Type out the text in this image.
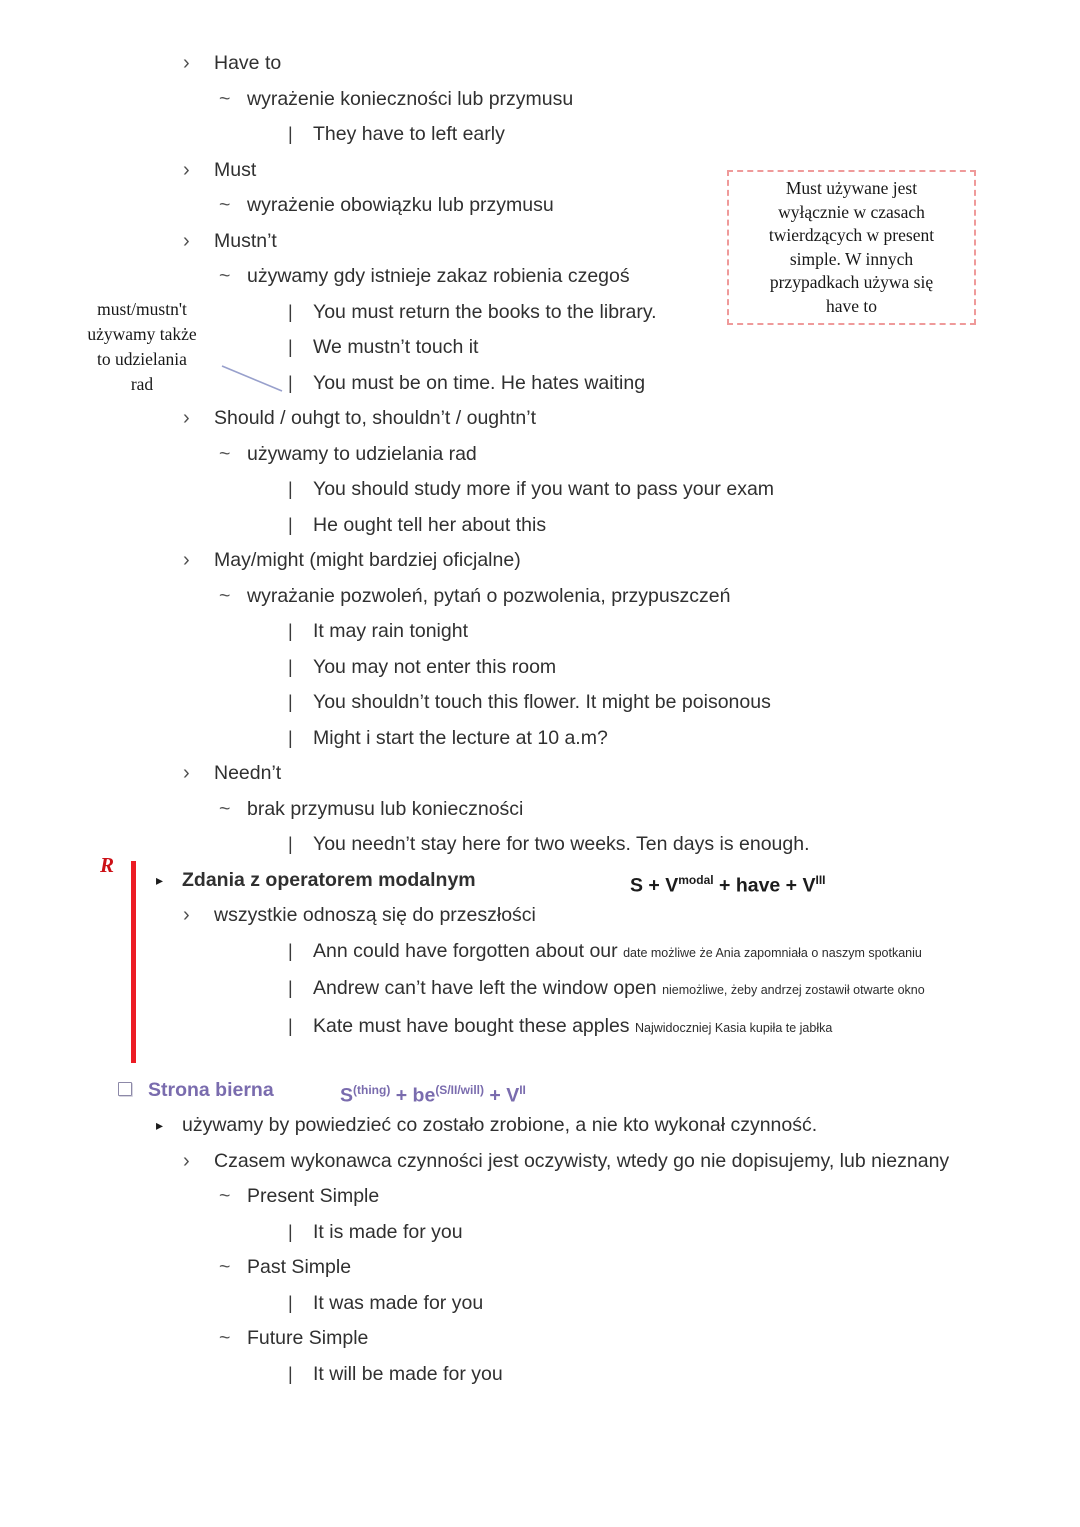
must/mustn't
używamy także
to udzielania
rad
Must używane jest
wyłącznie w czasach
twierdzących w present
simple. W innych
przypadkach używa się
have to
R
› Have to
~ wyrażenie konieczności lub przymusu
| They have to left early
› Must
~ wyrażenie obowiązku lub przymusu
› Mustn’t
~ używamy gdy istnieje zakaz robienia czegoś
| You must return the books to the library.
| We mustn’t touch it
| You must be on time. He hates waiting
› Should / ouhgt to, shouldn’t / oughtn’t
~ używamy to udzielania rad
| You should study more if you want to pass your exam
| He ought tell her about this
› May/might (might bardziej oficjalne)
~ wyrażanie pozwoleń, pytań o pozwolenia, przypuszczeń
| It may rain tonight
| You may not enter this room
| You shouldn’t touch this flower. It might be poisonous
| Might i start the lecture at 10 a.m?
› Needn’t
~ brak przymusu lub konieczności
| You needn’t stay here for two weeks. Ten days is enough.
▸ Zdania z operatorem modalnym	$S + V^{modal}$ + have + $V^{III}$
› wszystkie odnoszą się do przeszłości
| Ann could have forgotten about our date możliwe że Ania zapomniała o naszym spotkaniu
| Andrew can’t have left the window open niemożliwe, żeby andrzej zostawił otwarte okno
| Kate must have bought these apples Najwidoczniej Kasia kupiła te jabłka
Strona bierna	$S^{(thing)} + be^{(S/II/will)} + V^{II}$
▸ używamy by powiedzieć co zostało zrobione, a nie kto wykonał czynność.
› Czasem wykonawca czynności jest oczywisty, wtedy go nie dopisujemy, lub nieznany
~ Present Simple
| It is made for you
~ Past Simple
| It was made for you
~ Future Simple
| It will be made for you
